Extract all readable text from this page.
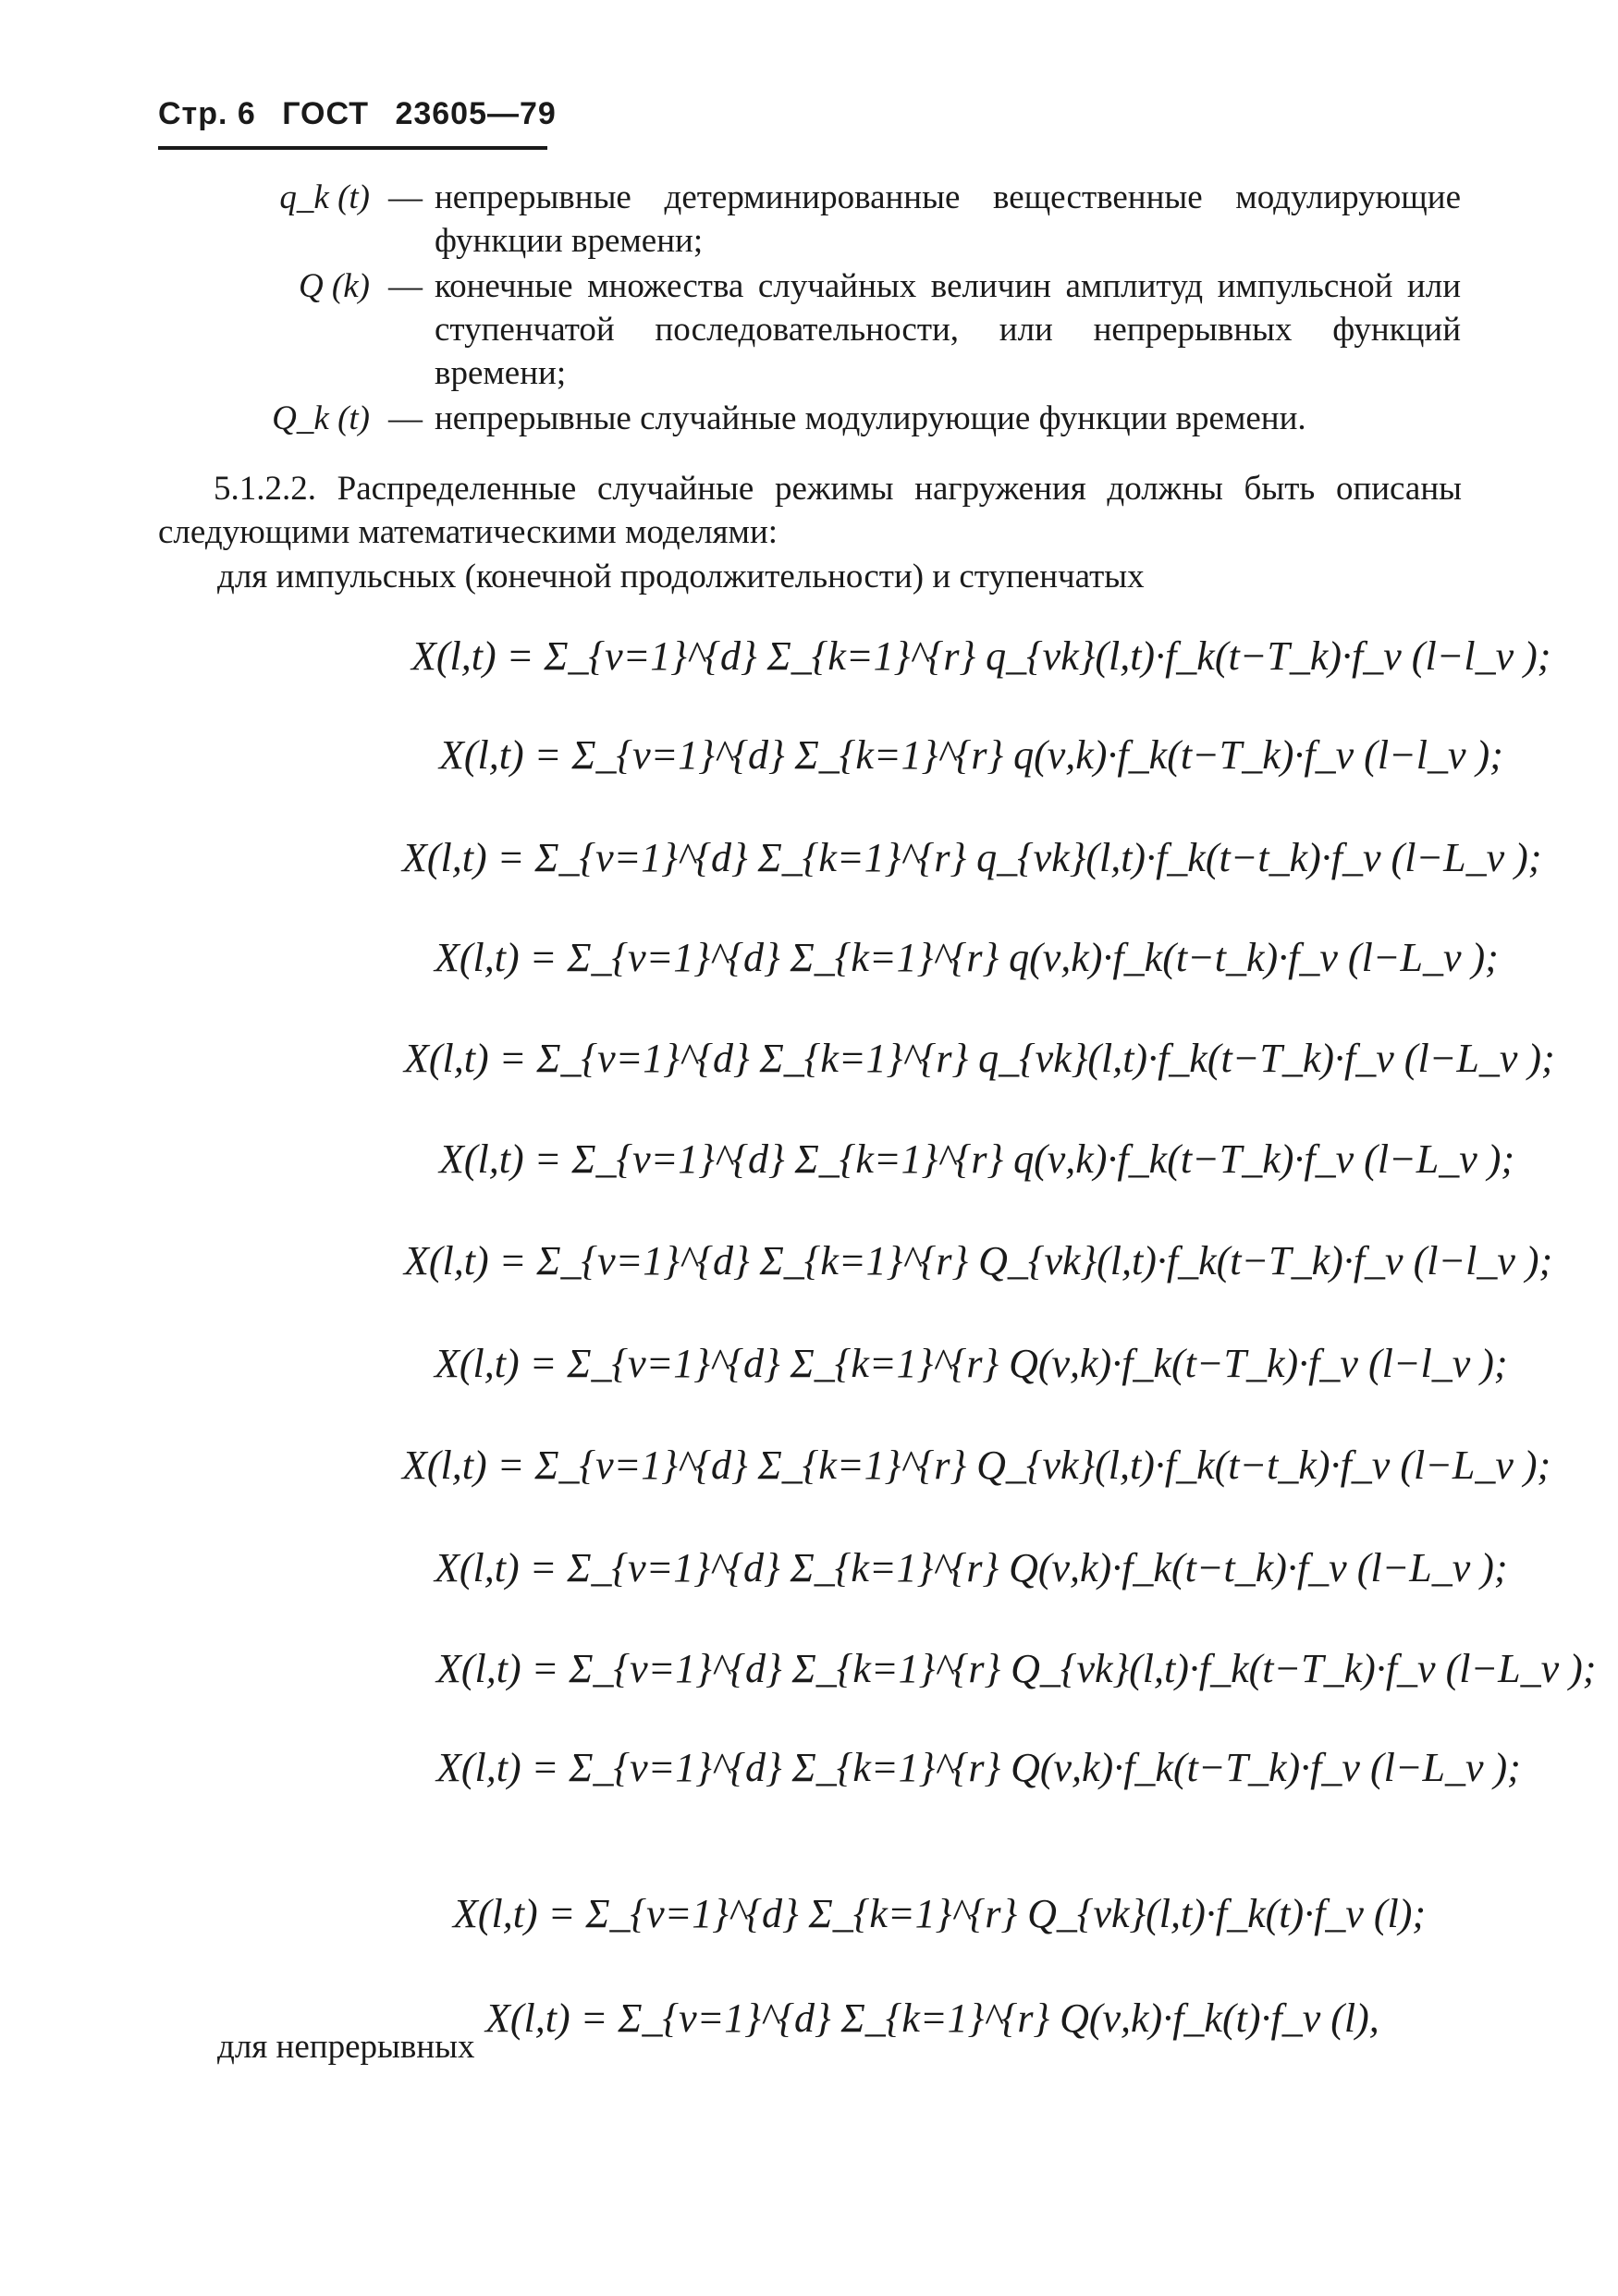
Стр. 6 ГОСТ 23605—79
q_k (t) — непрерывные детерминированные вещественные модулирующие функции времени;
Q (k) — конечные множества случайных величин амплитуд импульсной или ступенчатой последовательности, или непрерывных функций времени;
Q_k (t) — непрерывные случайные модулирующие функции времени.
5.1.2.2. Распределенные случайные режимы нагружения должны быть описаны следующими математическими моделями:
для импульсных (конечной продолжительности) и ступенчатых
X(l,t) = Σ_{ν=1}^{d} Σ_{k=1}^{r} q_{νk}(l,t)·f_k(t−T_k)·f_ν (l−l_ν );
X(l,t) = Σ_{ν=1}^{d} Σ_{k=1}^{r} q(ν,k)·f_k(t−T_k)·f_ν (l−l_ν );
X(l,t) = Σ_{ν=1}^{d} Σ_{k=1}^{r} q_{νk}(l,t)·f_k(t−t_k)·f_ν (l−L_ν );
X(l,t) = Σ_{ν=1}^{d} Σ_{k=1}^{r} q(ν,k)·f_k(t−t_k)·f_ν (l−L_ν );
X(l,t) = Σ_{ν=1}^{d} Σ_{k=1}^{r} q_{νk}(l,t)·f_k(t−T_k)·f_ν (l−L_ν );
X(l,t) = Σ_{ν=1}^{d} Σ_{k=1}^{r} q(ν,k)·f_k(t−T_k)·f_ν (l−L_ν );
X(l,t) = Σ_{ν=1}^{d} Σ_{k=1}^{r} Q_{νk}(l,t)·f_k(t−T_k)·f_ν (l−l_ν );
X(l,t) = Σ_{ν=1}^{d} Σ_{k=1}^{r} Q(ν,k)·f_k(t−T_k)·f_ν (l−l_ν );
X(l,t) = Σ_{ν=1}^{d} Σ_{k=1}^{r} Q_{νk}(l,t)·f_k(t−t_k)·f_ν (l−L_ν );
X(l,t) = Σ_{ν=1}^{d} Σ_{k=1}^{r} Q(ν,k)·f_k(t−t_k)·f_ν (l−L_ν );
X(l,t) = Σ_{ν=1}^{d} Σ_{k=1}^{r} Q_{νk}(l,t)·f_k(t−T_k)·f_ν (l−L_ν );
X(l,t) = Σ_{ν=1}^{d} Σ_{k=1}^{r} Q(ν,k)·f_k(t−T_k)·f_ν (l−L_ν );
для непрерывных
X(l,t) = Σ_{ν=1}^{d} Σ_{k=1}^{r} Q_{νk}(l,t)·f_k(t)·f_ν (l);
X(l,t) = Σ_{ν=1}^{d} Σ_{k=1}^{r} Q(ν,k)·f_k(t)·f_ν (l),
